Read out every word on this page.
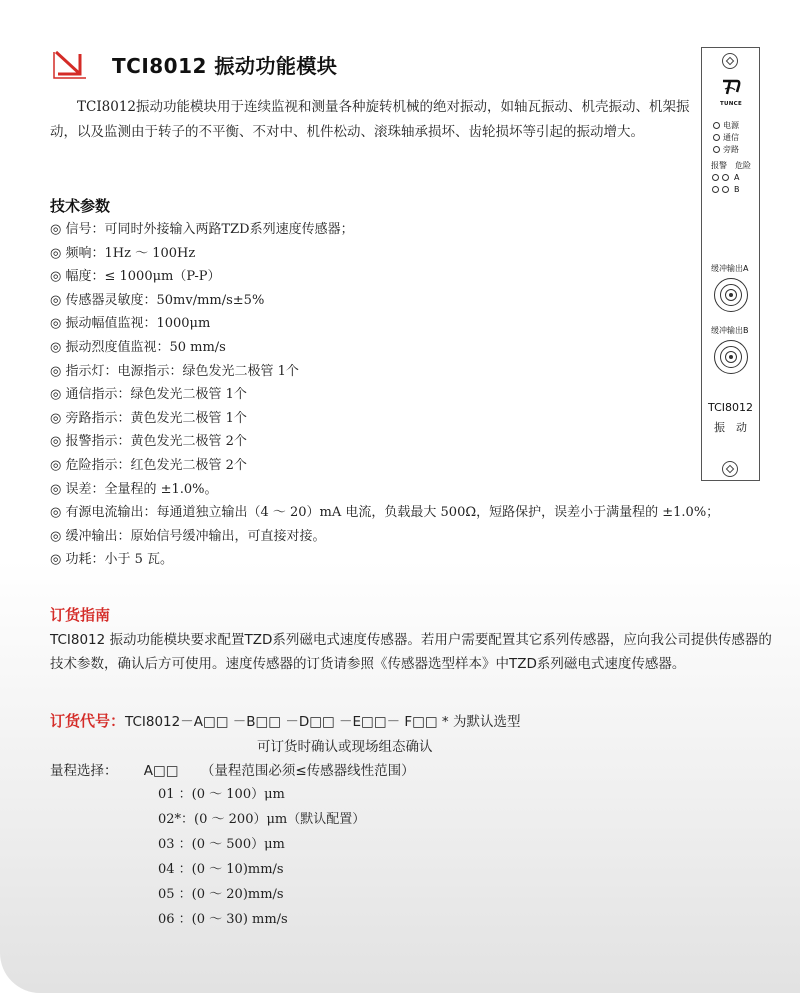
TCI8012 振动功能模块

TCI8012振动功能模块用于连续监视和测量各种旋转机械的绝对振动，如轴瓦振动、机壳振动、机架振动，以及监测由于转子的不平衡、不对中、机件松动、滚珠轴承损坏、齿轮损坏等引起的振动增大。

技术参数
◎ 信号：可同时外接输入两路TZD系列速度传感器；
◎ 频响：1Hz ～ 100Hz
◎ 幅度：≤ 1000μm（P-P）
◎ 传感器灵敏度：50mv/mm/s±5%
◎ 振动幅值监视：1000μm
◎ 振动烈度值监视：50 mm/s
◎ 指示灯：电源指示：绿色发光二极管 1个
◎ 通信指示：绿色发光二极管 1个
◎ 旁路指示：黄色发光二极管 1个
◎ 报警指示：黄色发光二极管 2个
◎ 危险指示：红色发光二极管 2个
◎ 误差：全量程的 ±1.0%。
◎ 有源电流输出：每通道独立输出（4 ～ 20）mA 电流，负载最大 500Ω，短路保护，误差小于满量程的 ±1.0%；
◎ 缓冲输出：原始信号缓冲输出，可直接对接。
◎ 功耗：小于 5 瓦。
订货指南

TCI8012 振动功能模块要求配置TZD系列磁电式速度传感器。若用户需要配置其它系列传感器，应向我公司提供传感器的技术参数，确认后方可使用。速度传感器的订货请参照《传感器选型样本》中TZD系列磁电式速度传感器。

订货代号：TCI8012－A□□ －B□□ －D□□ －E□□－ F□□ * 为默认选型
可订货时确认或现场组态确认
量程选择： A□□ （量程范围必须≤传感器线性范围）
01 ：(0 ～ 100）μm
02*：(0 ～ 200）μm（默认配置）
03 ：(0 ～ 500）μm
04 ：(0 ～ 10)mm/s
05 ：(0 ～ 20)mm/s
06 ：(0 ～ 30) mm/s
TUNCE
电源
通信
旁路
报警 危险
A
B
缓冲输出A
缓冲输出B
TCI8012
振　动
